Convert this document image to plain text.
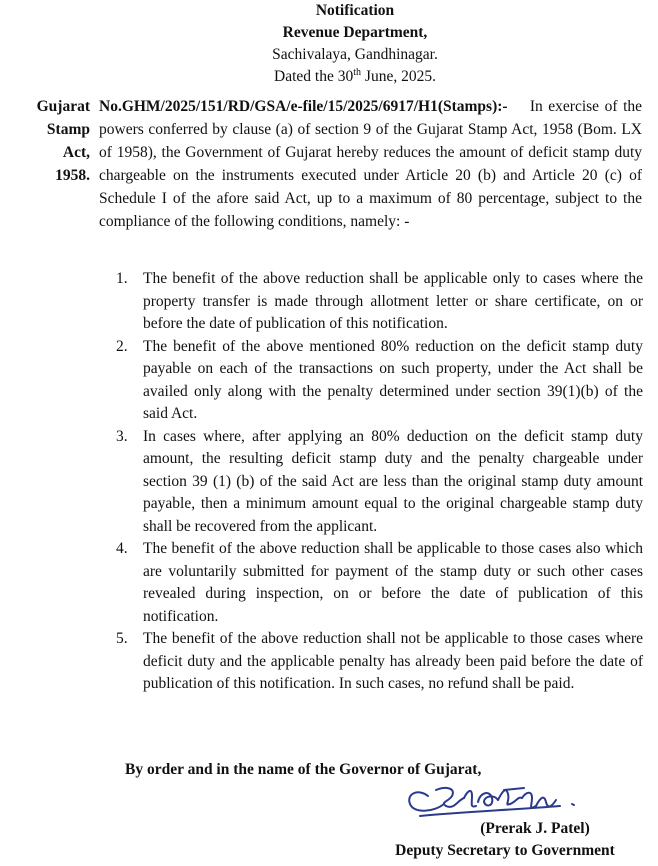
Notification
Revenue Department,
Sachivalaya, Gandhinagar.
Dated the 30th June, 2025.
Gujarat
Stamp
Act,
1958.
No.GHM/2025/151/RD/GSA/e-file/15/2025/6917/H1(Stamps):- In exercise of the powers conferred by clause (a) of section 9 of the Gujarat Stamp Act, 1958 (Bom. LX of 1958), the Government of Gujarat hereby reduces the amount of deficit stamp duty chargeable on the instruments executed under Article 20 (b) and Article 20 (c) of Schedule I of the afore said Act, up to a maximum of 80 percentage, subject to the compliance of the following conditions, namely: -
1. The benefit of the above reduction shall be applicable only to cases where the property transfer is made through allotment letter or share certificate, on or before the date of publication of this notification.
2. The benefit of the above mentioned 80% reduction on the deficit stamp duty payable on each of the transactions on such property, under the Act shall be availed only along with the penalty determined under section 39(1)(b) of the said Act.
3. In cases where, after applying an 80% deduction on the deficit stamp duty amount, the resulting deficit stamp duty and the penalty chargeable under section 39 (1) (b) of the said Act are less than the original stamp duty amount payable, then a minimum amount equal to the original chargeable stamp duty shall be recovered from the applicant.
4. The benefit of the above reduction shall be applicable to those cases also which are voluntarily submitted for payment of the stamp duty or such other cases revealed during inspection, on or before the date of publication of this notification.
5. The benefit of the above reduction shall not be applicable to those cases where deficit duty and the applicable penalty has already been paid before the date of publication of this notification. In such cases, no refund shall be paid.
By order and in the name of the Governor of Gujarat,
(Prerak J. Patel)
Deputy Secretary to Government
